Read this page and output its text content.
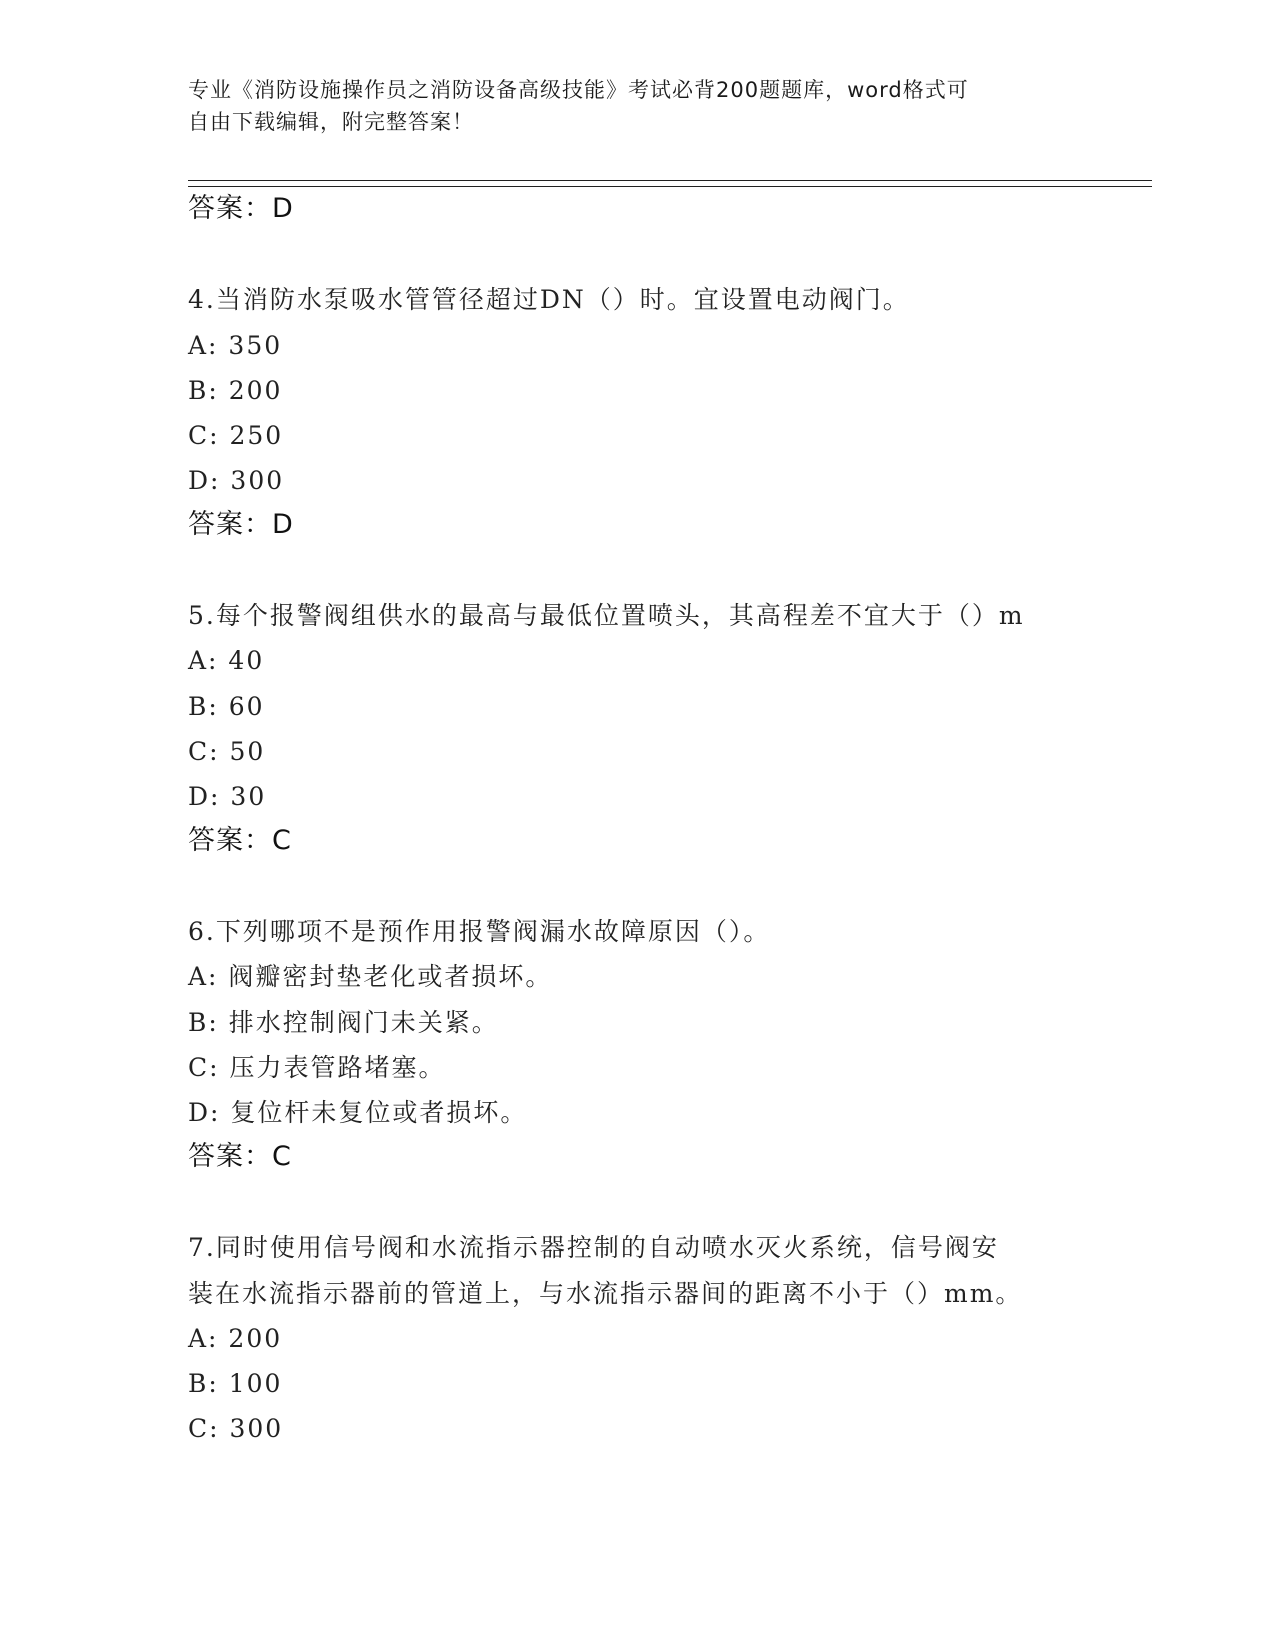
专业《消防设施操作员之消防设备高级技能》考试必背200题题库，word格式可
自由下载编辑，附完整答案！
答案：D
4.当消防水泵吸水管管径超过DN（）时。宜设置电动阀门。
A: 350
B: 200
C: 250
D: 300
答案：D
5.每个报警阀组供水的最高与最低位置喷头，其高程差不宜大于（）m
A: 40
B: 60
C: 50
D: 30
答案：C
6.下列哪项不是预作用报警阀漏水故障原因（）。
A: 阀瓣密封垫老化或者损坏。
B: 排水控制阀门未关紧。
C: 压力表管路堵塞。
D: 复位杆未复位或者损坏。
答案：C
7.同时使用信号阀和水流指示器控制的自动喷水灭火系统，信号阀安
装在水流指示器前的管道上，与水流指示器间的距离不小于（）mm。
A: 200
B: 100
C: 300
